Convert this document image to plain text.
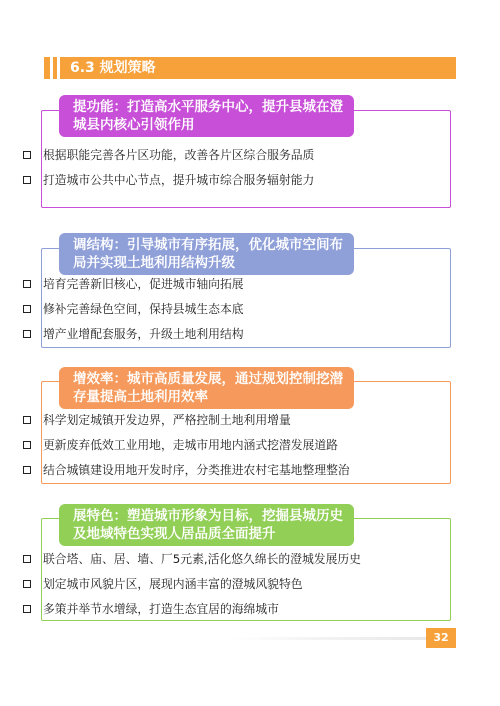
6.3 规划策略
提功能：打造高水平服务中心，提升县城在澄城县内核心引领作用
根据职能完善各片区功能，改善各片区综合服务品质
打造城市公共中心节点，提升城市综合服务辐射能力
调结构：引导城市有序拓展，优化城市空间布局并实现土地利用结构升级
培育完善新旧核心，促进城市轴向拓展
修补完善绿色空间，保持县城生态本底
增产业增配套服务，升级土地利用结构
增效率：城市高质量发展，通过规划控制挖潜存量提高土地利用效率
科学划定城镇开发边界，严格控制土地利用增量
更新废弃低效工业用地，走城市用地内涵式挖潜发展道路
结合城镇建设用地开发时序，分类推进农村宅基地整理整治
展特色：塑造城市形象为目标，挖掘县城历史及地域特色实现人居品质全面提升
联合塔、庙、居、墙、厂5元素,活化悠久绵长的澄城发展历史
划定城市风貌片区，展现内涵丰富的澄城风貌特色
多策并举节水增绿，打造生态宜居的海绵城市
32
